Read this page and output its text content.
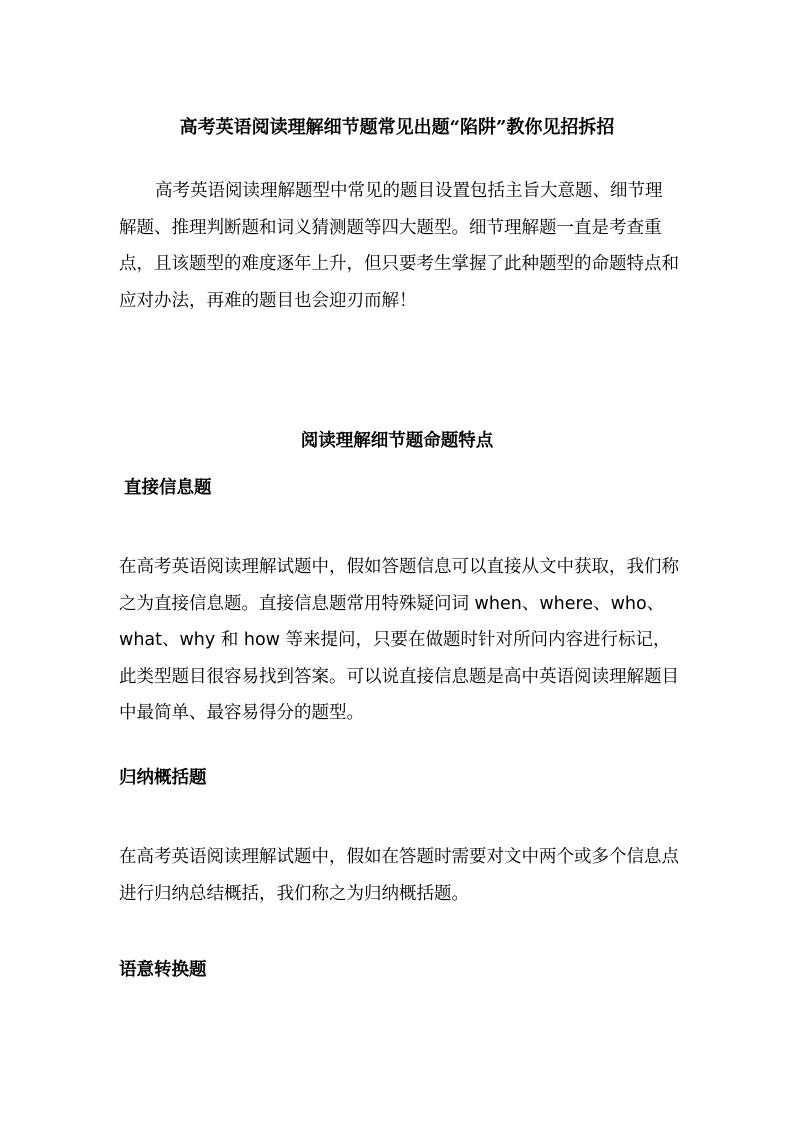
高考英语阅读理解细节题常见出题“陷阱”教你见招拆招

高考英语阅读理解题型中常见的题目设置包括主旨大意题、细节理解题、推理判断题和词义猜测题等四大题型。细节理解题一直是考查重点，且该题型的难度逐年上升，但只要考生掌握了此种题型的命题特点和应对办法，再难的题目也会迎刃而解！

阅读理解细节题命题特点
直接信息题

在高考英语阅读理解试题中，假如答题信息可以直接从文中获取，我们称之为直接信息题。直接信息题常用特殊疑问词 when、where、who、what、why 和 how 等来提问，只要在做题时针对所问内容进行标记，此类型题目很容易找到答案。可以说直接信息题是高中英语阅读理解题目中最简单、最容易得分的题型。

归纳概括题

在高考英语阅读理解试题中，假如在答题时需要对文中两个或多个信息点进行归纳总结概括，我们称之为归纳概括题。

语意转换题
